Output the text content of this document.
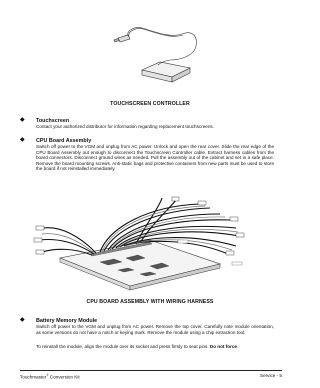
TOUCHSCREEN CONTROLLER
◆ Touchscreen
Contact your authorized distributor for information regarding replacement touchscreens.
◆ CPU Board Assembly
Switch off power to the VGM and unplug from AC power. Unlock and open the rear cover. Slide the rear edge of the CPU Board Assembly out enough to disconnect the Touchscreen Controller cable. Extract harness cables from the board connectors. Disconnect ground wires as needed. Pull the assembly out of the cabinet and set in a safe place. Remove the board mounting screws. Anti-static bags and protective containers from new parts must be used to store the board if not reinstalled immediately.
CPU BOARD ASSEMBLY WITH WIRING HARNESS
◆ Battery Memory Module
Switch off power to the VGM and unplug from AC power. Remove the top cover. Carefully note module orientation, as some versions do not have a notch or keying mark. Remove the module using a chip extraction tool.
To reinstall the module, align the module over its socket and press firmly to seat pins. Do not force.
Touchmaster® Conversion Kit	Service - 5
